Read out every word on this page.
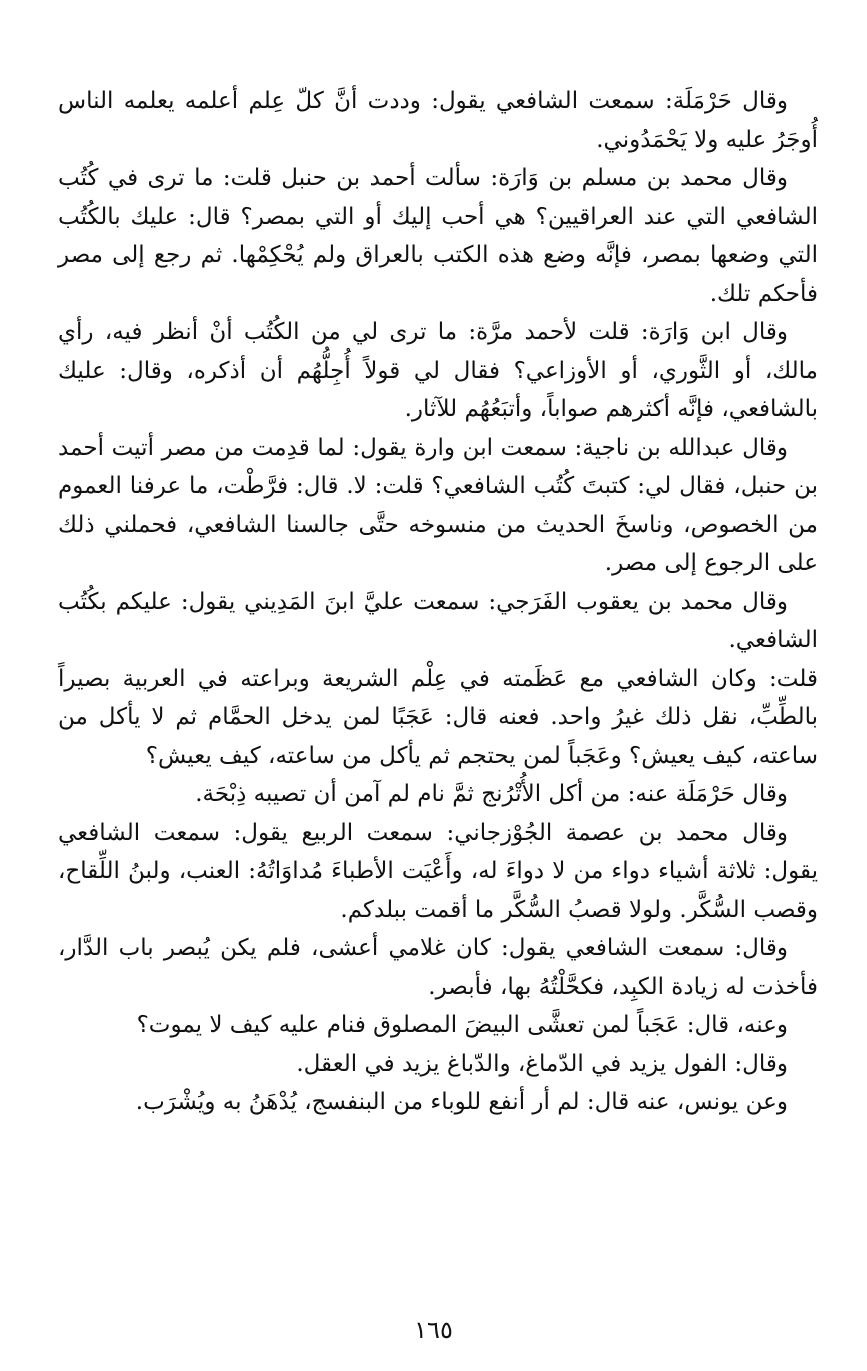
وقال حَرْمَلَة: سمعت الشافعي يقول: وددت أنَّ كلّ عِلم أعلمه يعلمه الناس أُوجَرُ عليه ولا يَحْمَدُوني.

وقال محمد بن مسلم بن وَارَة: سألت أحمد بن حنبل قلت: ما ترى في كُتُب الشافعي التي عند العراقيين؟ هي أحب إليك أو التي بمصر؟ قال: عليك بالكُتُب التي وضعها بمصر، فإنَّه وضع هذه الكتب بالعراق ولم يُحْكِمْها. ثم رجع إلى مصر فأحكم تلك.

وقال ابن وَارَة: قلت لأحمد مرَّة: ما ترى لي من الكُتُب أنْ أنظر فيه، رأي مالك، أو الثَّوري، أو الأوزاعي؟ فقال لي قولاً أُجِلُّهُم أن أذكره، وقال: عليك بالشافعي، فإنَّه أكثرهم صواباً، وأتبَعُهُم للآثار.

وقال عبدالله بن ناجية: سمعت ابن وارة يقول: لما قدِمت من مصر أتيت أحمد بن حنبل، فقال لي: كتبتَ كُتُب الشافعي؟ قلت: لا. قال: فرَّطْت، ما عرفنا العموم من الخصوص، وناسخَ الحديث من منسوخه حتَّى جالسنا الشافعي، فحملني ذلك على الرجوع إلى مصر.

وقال محمد بن يعقوب الفَرَجي: سمعت عليَّ ابنَ المَدِيني يقول: عليكم بكُتُب الشافعي.

قلت: وكان الشافعي مع عَظَمته في عِلْم الشريعة وبراعته في العربية بصيراً بالطِّبِّ، نقل ذلك غيرُ واحد. فعنه قال: عَجَبًا لمن يدخل الحمَّام ثم لا يأكل من ساعته، كيف يعيش؟ وعَجَباً لمن يحتجم ثم يأكل من ساعته، كيف يعيش؟

وقال حَرْمَلَة عنه: من أكل الأُتْرُنج ثمَّ نام لم آمن أن تصيبه ذِبْحَة.

وقال محمد بن عصمة الجُوْزجاني: سمعت الربيع يقول: سمعت الشافعي يقول: ثلاثة أشياء دواء من لا دواءَ له، وأَعْيَت الأطباءَ مُداوَاتُهُ: العنب، ولبنُ اللِّقاح، وقصب السُّكَّر. ولولا قصبُ السُّكَّر ما أقمت ببلدكم.

وقال: سمعت الشافعي يقول: كان غلامي أعشى، فلم يكن يُبصر باب الدَّار، فأخذت له زيادة الكبِد، فكحَّلْتُهُ بها، فأبصر.

وعنه، قال: عَجَباً لمن تعشَّى البيضَ المصلوق فنام عليه كيف لا يموت؟

وقال: الفول يزيد في الدّماغ، والدّباغ يزيد في العقل.

وعن يونس، عنه قال: لم أر أنفع للوباء من البنفسج، يُدْهَنُ به ويُشْرَب.

١٦٥
